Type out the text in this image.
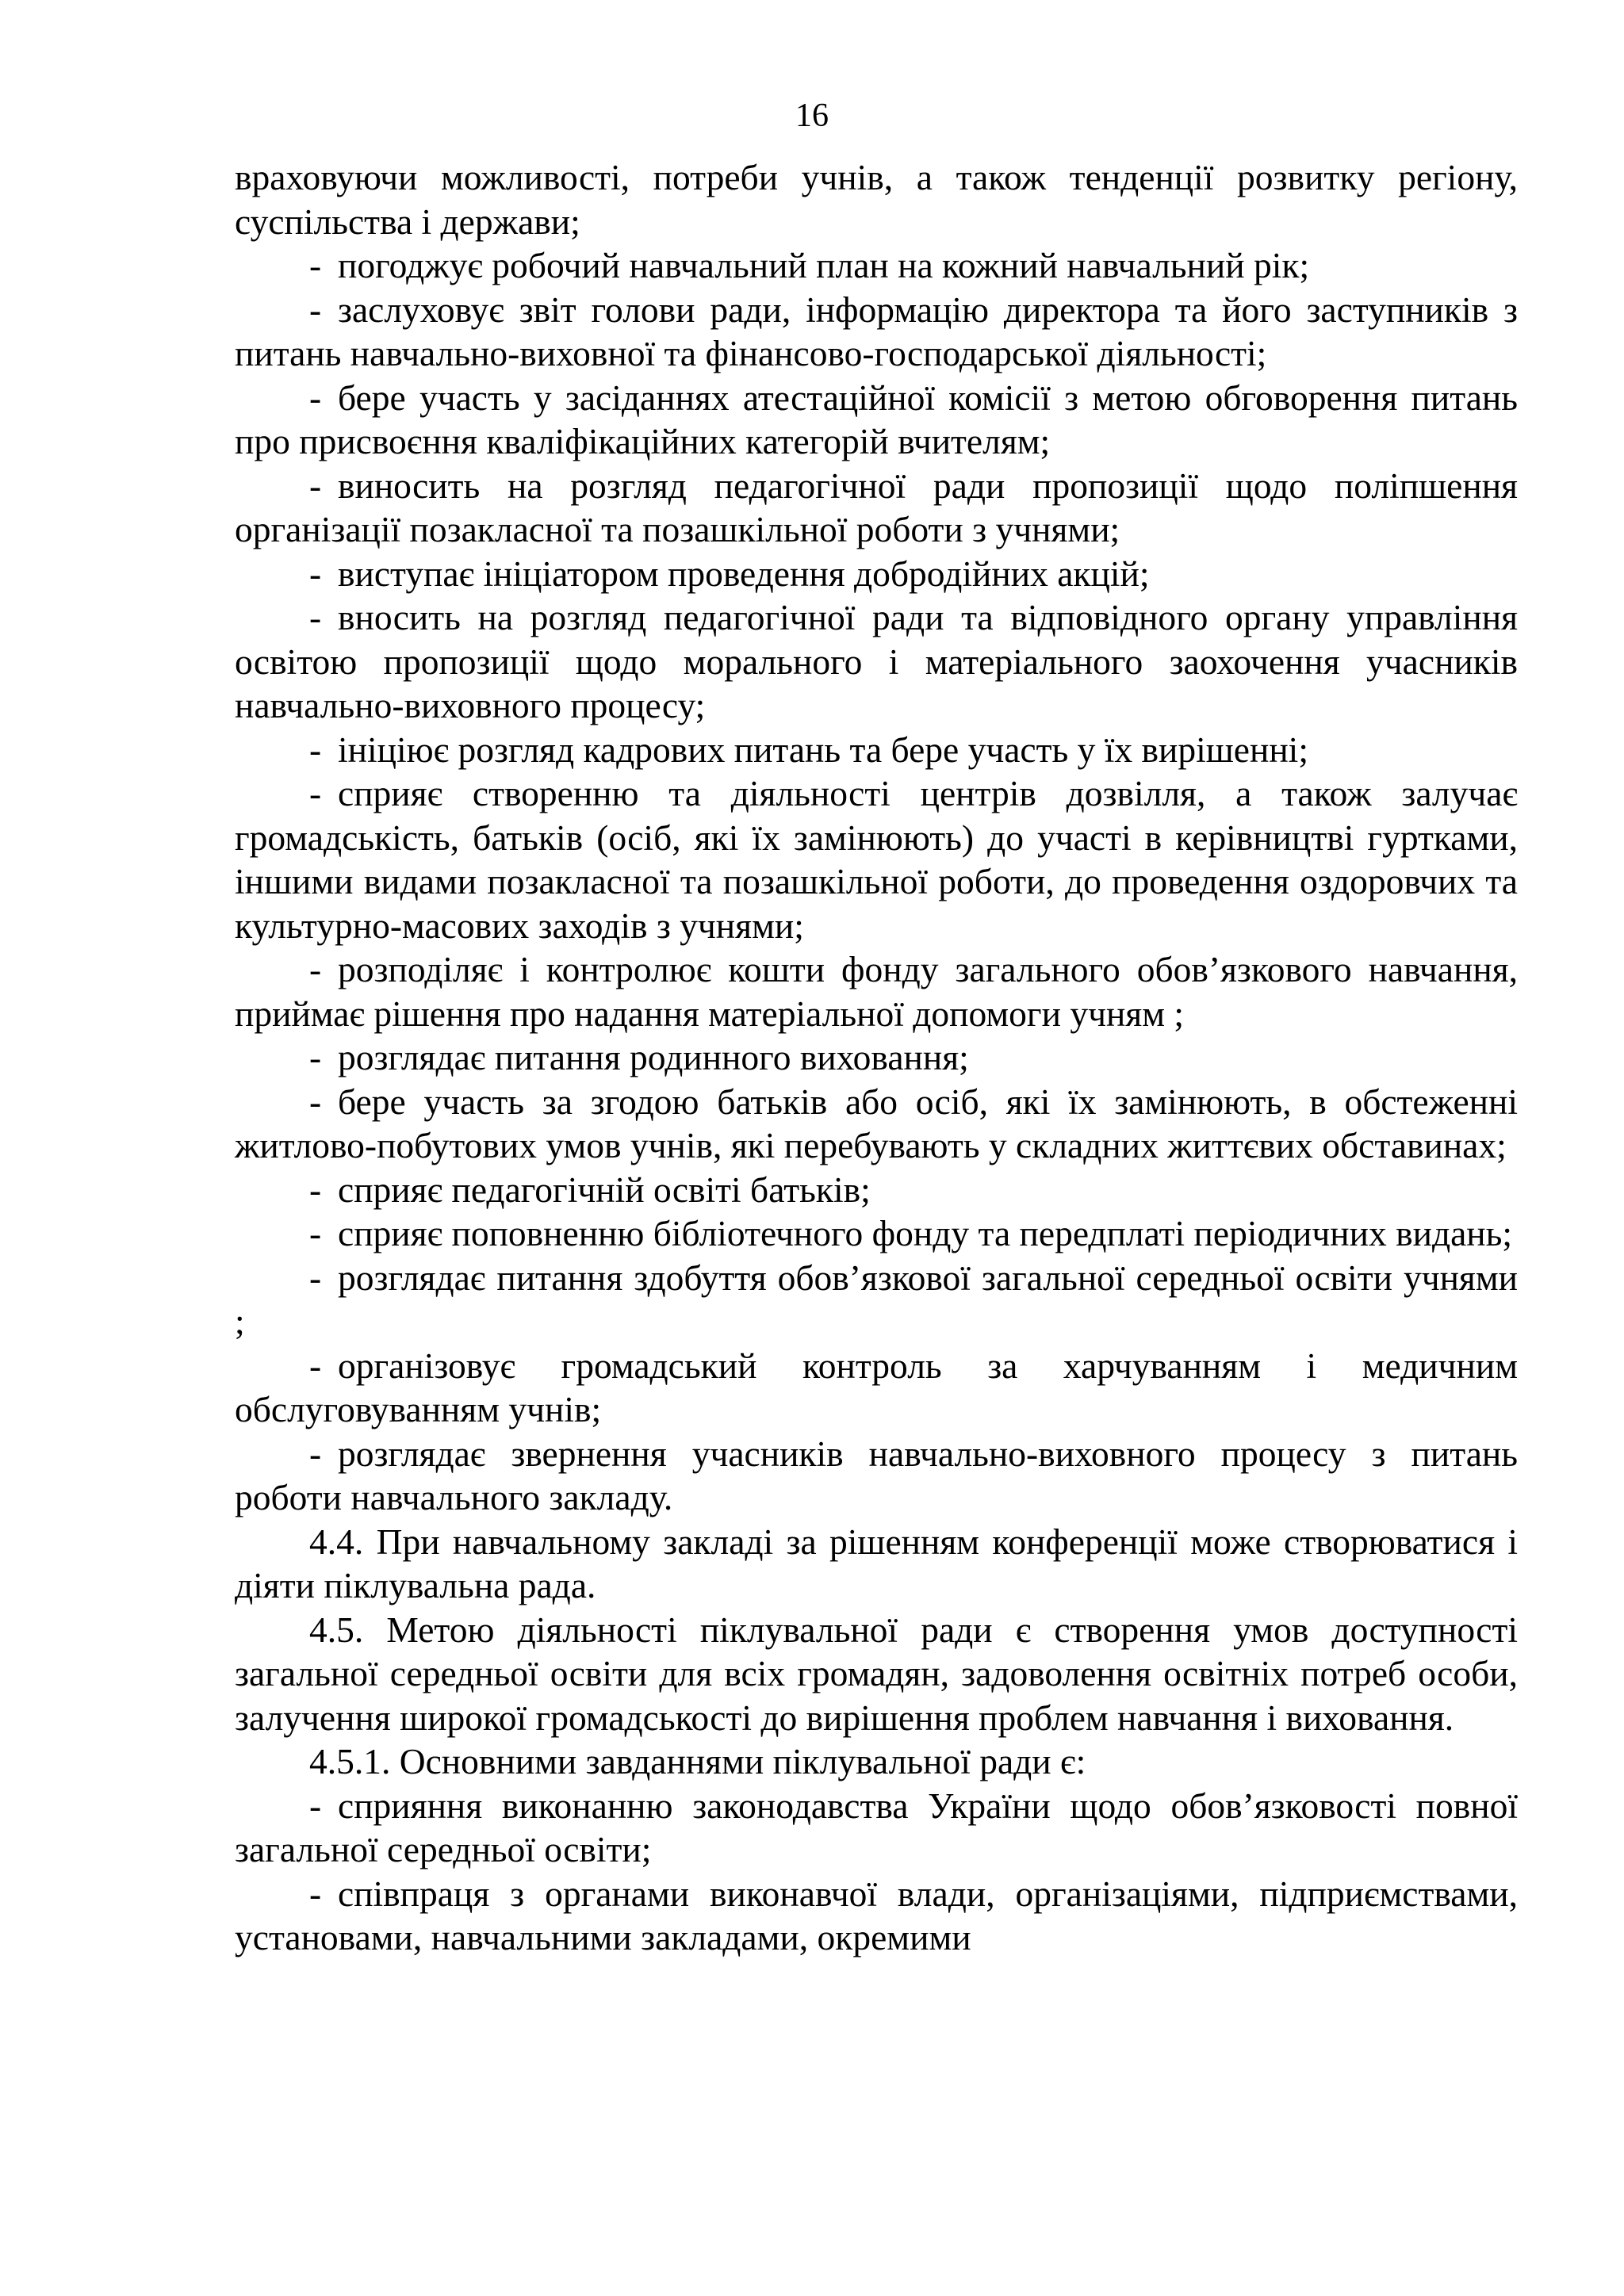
16

враховуючи можливості, потреби учнів, а також тенденції розвитку регіону, суспільства і держави;

- погоджує робочий навчальний план на кожний навчальний рік;

- заслуховує звіт голови ради, інформацію директора та його заступників з питань навчально-виховної та фінансово-господарської діяльності;

- бере участь у засіданнях атестаційної комісії з метою обговорення питань про присвоєння кваліфікаційних категорій вчителям;

- виносить на розгляд педагогічної ради пропозиції щодо поліпшення організації позакласної та позашкільної роботи з учнями;

- виступає ініціатором проведення добродійних акцій;

- вносить на розгляд педагогічної ради та відповідного органу управління освітою пропозиції щодо морального і матеріального заохочення учасників навчально-виховного процесу;

- ініціює розгляд кадрових питань та бере участь у їх вирішенні;

- сприяє створенню та діяльності центрів дозвілля, а також залучає громадськість, батьків (осіб, які їх замінюють) до участі в керівництві гуртками, іншими видами позакласної та позашкільної роботи, до проведення оздоровчих та культурно-масових заходів з учнями;

- розподіляє і контролює кошти фонду загального обов’язкового навчання, приймає рішення про надання матеріальної допомоги учням ;

- розглядає питання родинного виховання;

- бере участь за згодою батьків або осіб, які їх замінюють, в обстеженні житлово-побутових умов учнів, які перебувають у складних життєвих обставинах;

- сприяє педагогічній освіті батьків;

- сприяє поповненню бібліотечного фонду та передплаті періодичних видань;

- розглядає питання здобуття обов’язкової загальної середньої освіти учнями ;

- організовує громадський контроль за харчуванням і медичним обслуговуванням учнів;

- розглядає звернення учасників навчально-виховного процесу з питань роботи навчального закладу.

4.4. При навчальному закладі за рішенням конференції може створюватися і діяти піклувальна рада.

4.5. Метою діяльності піклувальної ради є створення умов доступності загальної середньої освіти для всіх громадян, задоволення освітніх потреб особи, залучення широкої громадськості до вирішення проблем навчання і виховання.

4.5.1. Основними завданнями піклувальної ради є:

- сприяння виконанню законодавства України щодо обов’язковості повної загальної середньої освіти;

- співпраця з органами виконавчої влади, організаціями, підприємствами, установами, навчальними закладами, окремими
